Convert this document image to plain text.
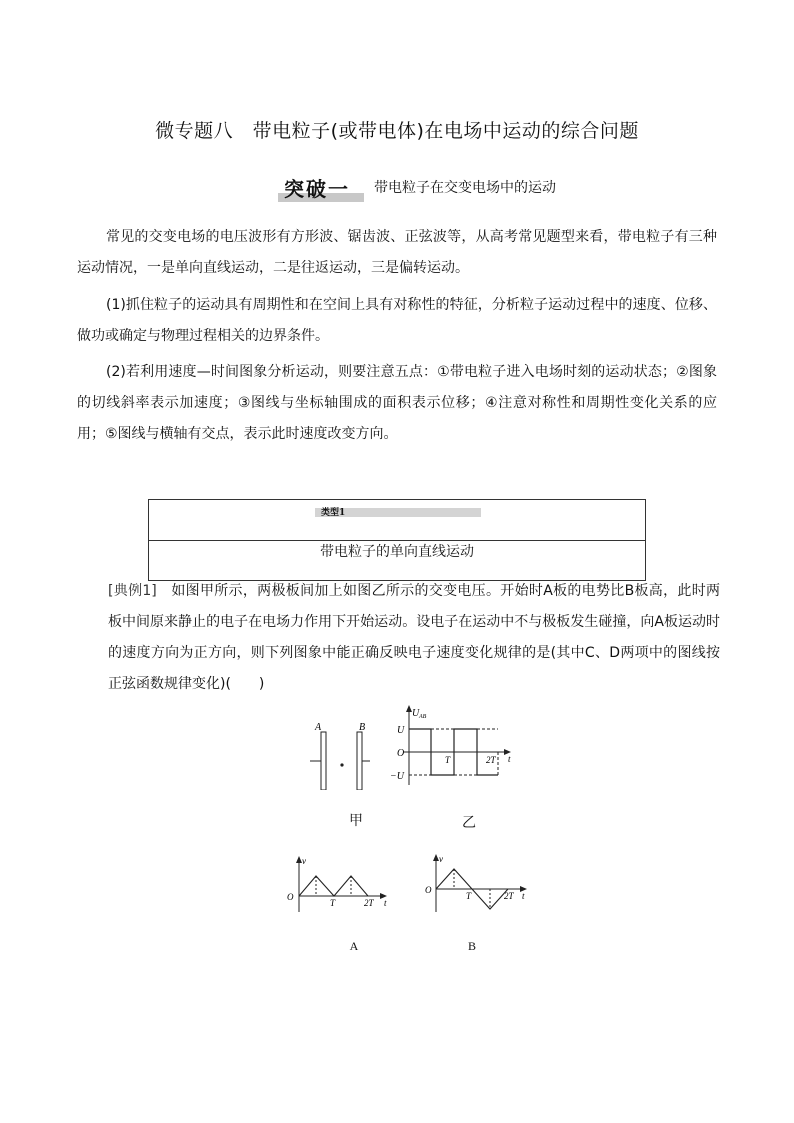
微专题八　带电粒子(或带电体)在电场中运动的综合问题
突破一 带电粒子在交变电场中的运动
常见的交变电场的电压波形有方形波、锯齿波、正弦波等，从高考常见题型来看，带电粒子有三种运动情况，一是单向直线运动，二是往返运动，三是偏转运动。
(1)抓住粒子的运动具有周期性和在空间上具有对称性的特征，分析粒子运动过程中的速度、位移、做功或确定与物理过程相关的边界条件。
(2)若利用速度—时间图象分析运动，则要注意五点：①带电粒子进入电场时刻的运动状态；②图象的切线斜率表示加速度；③图线与坐标轴围成的面积表示位移；④注意对称性和周期性变化关系的应用；⑤图线与横轴有交点，表示此时速度改变方向。
类型1
带电粒子的单向直线运动
[典例1]　如图甲所示，两极板间加上如图乙所示的交变电压。开始时A板的电势比B板高，此时两板中间原来静止的电子在电场力作用下开始运动。设电子在运动中不与极板发生碰撞，向A板运动时的速度方向为正方向，则下列图象中能正确反映电子速度变化规律的是(其中C、D两项中的图线按正弦函数规律变化)(　　)
A	B
甲
U AB
U
O
−U
T	2T t
乙
v
O
T	2T t
A
v
O
T	2T t
B
